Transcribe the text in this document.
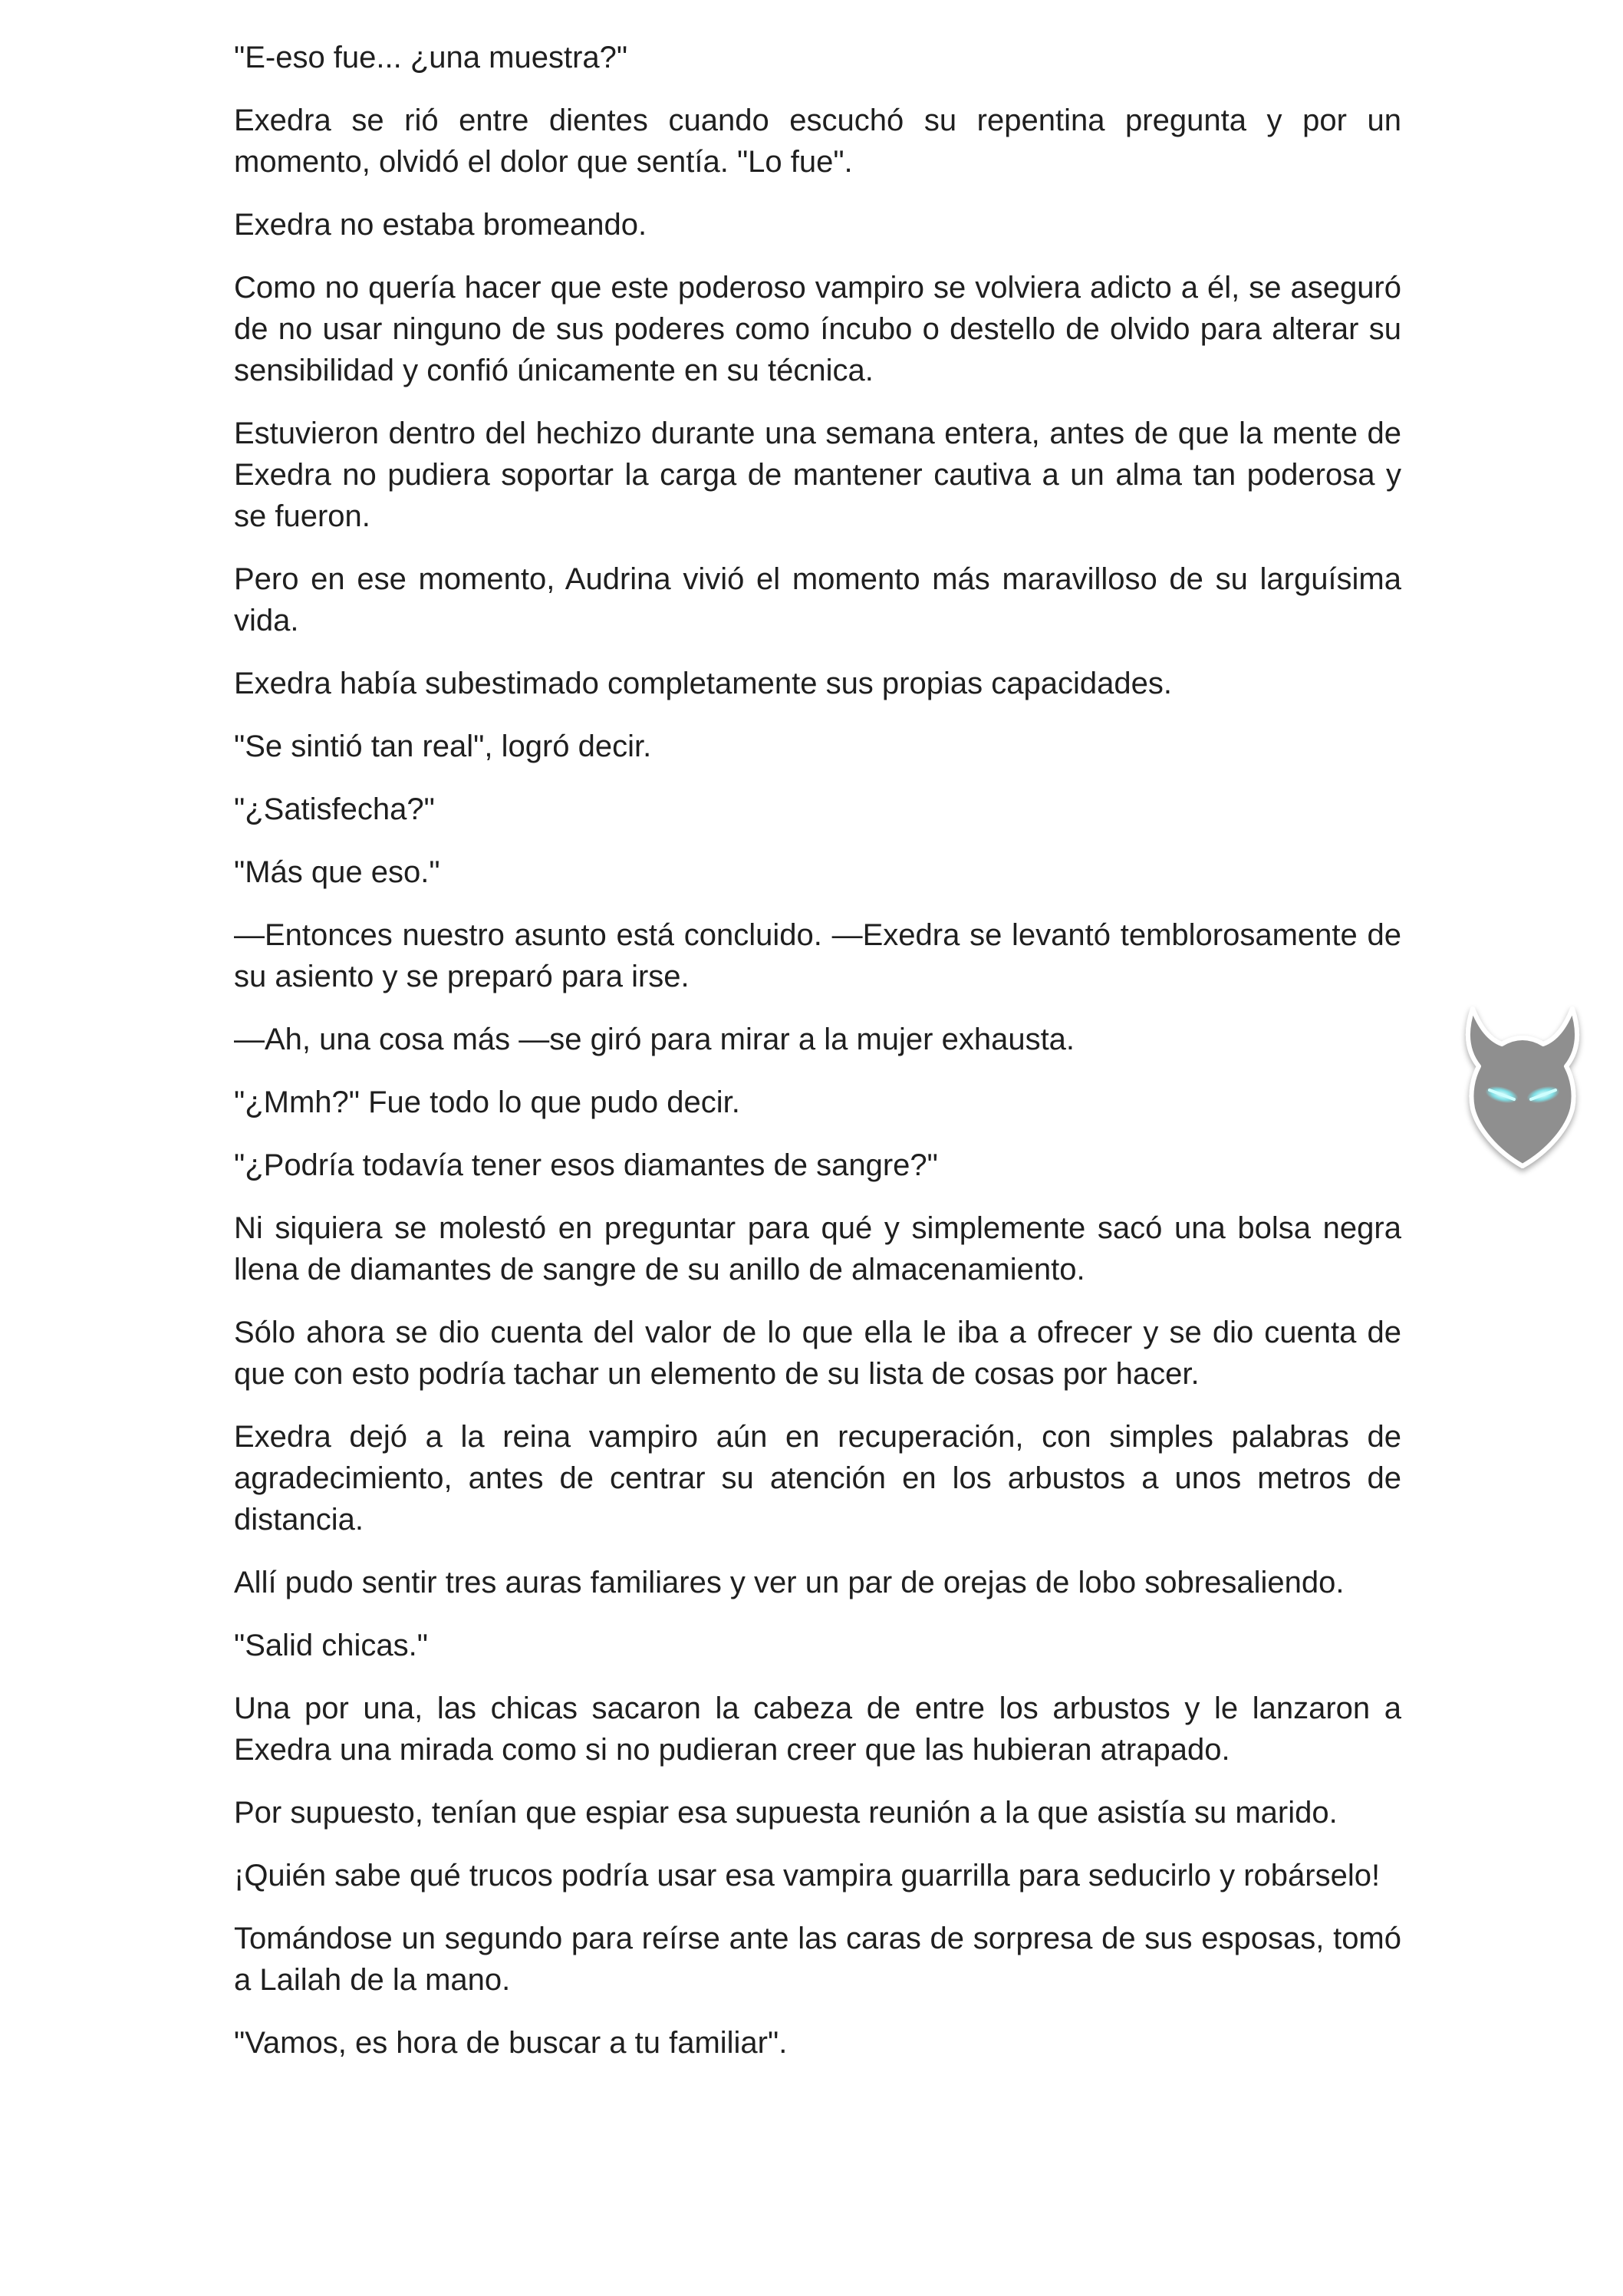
"E-eso fue... ¿una muestra?"

Exedra se rió entre dientes cuando escuchó su repentina pregunta y por un momento, olvidó el dolor que sentía. "Lo fue".

Exedra no estaba bromeando.

Como no quería hacer que este poderoso vampiro se volviera adicto a él, se aseguró de no usar ninguno de sus poderes como íncubo o destello de olvido para alterar su sensibilidad y confió únicamente en su técnica.

Estuvieron dentro del hechizo durante una semana entera, antes de que la mente de Exedra no pudiera soportar la carga de mantener cautiva a un alma tan poderosa y se fueron.

Pero en ese momento, Audrina vivió el momento más maravilloso de su larguísima vida.

Exedra había subestimado completamente sus propias capacidades.

"Se sintió tan real", logró decir.

"¿Satisfecha?"

"Más que eso."

—Entonces nuestro asunto está concluido. —Exedra se levantó temblorosamente de su asiento y se preparó para irse.

—Ah, una cosa más —se giró para mirar a la mujer exhausta.

"¿Mmh?" Fue todo lo que pudo decir.

"¿Podría todavía tener esos diamantes de sangre?"

Ni siquiera se molestó en preguntar para qué y simplemente sacó una bolsa negra llena de diamantes de sangre de su anillo de almacenamiento.

Sólo ahora se dio cuenta del valor de lo que ella le iba a ofrecer y se dio cuenta de que con esto podría tachar un elemento de su lista de cosas por hacer.

Exedra dejó a la reina vampiro aún en recuperación, con simples palabras de agradecimiento, antes de centrar su atención en los arbustos a unos metros de distancia.

Allí pudo sentir tres auras familiares y ver un par de orejas de lobo sobresaliendo.

"Salid chicas."

Una por una, las chicas sacaron la cabeza de entre los arbustos y le lanzaron a Exedra una mirada como si no pudieran creer que las hubieran atrapado.

Por supuesto, tenían que espiar esa supuesta reunión a la que asistía su marido.

¡Quién sabe qué trucos podría usar esa vampira guarrilla para seducirlo y robárselo!

Tomándose un segundo para reírse ante las caras de sorpresa de sus esposas, tomó a Lailah de la mano.

"Vamos, es hora de buscar a tu familiar".
